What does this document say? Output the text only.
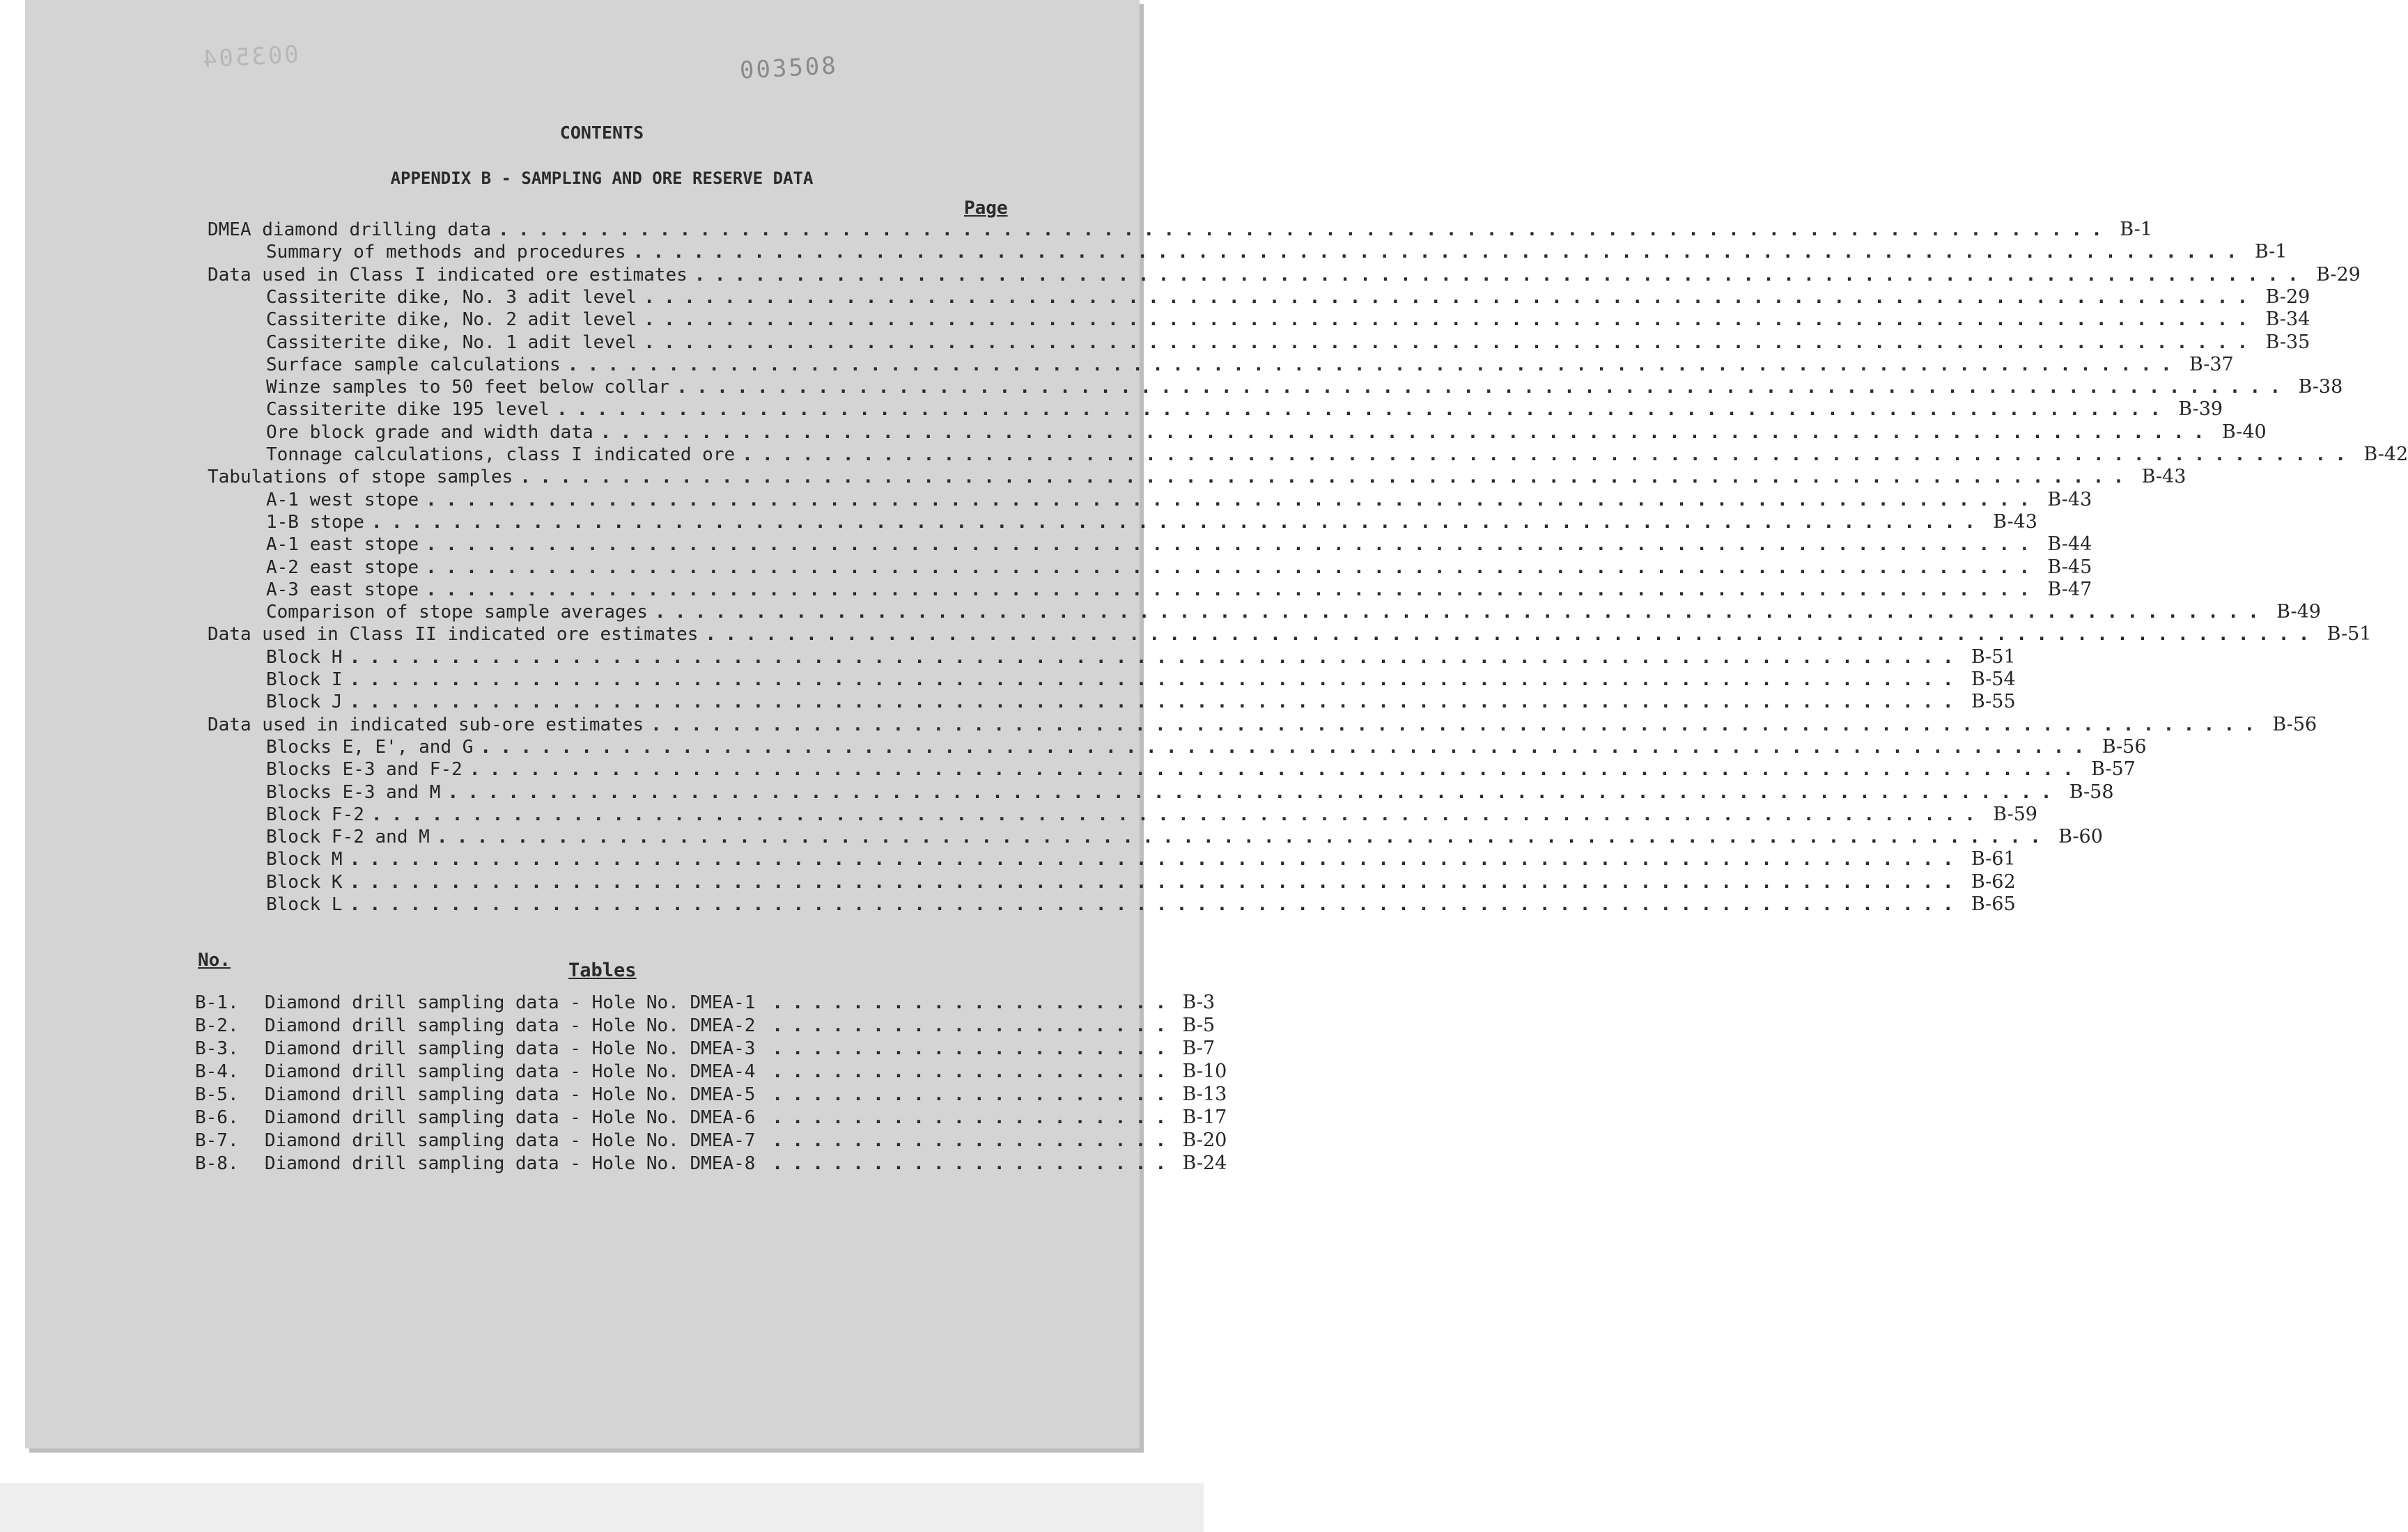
003504	003508
CONTENTS
APPENDIX B - SAMPLING AND ORE RESERVE DATA
Page
DMEA diamond drilling data ................................................................................ B-1
Summary of methods and procedures ................................................................................ B-1
Data used in Class I indicated ore estimates ................................................................................ B-29
Cassiterite dike, No. 3 adit level ................................................................................ B-29
Cassiterite dike, No. 2 adit level ................................................................................ B-34
Cassiterite dike, No. 1 adit level ................................................................................ B-35
Surface sample calculations ................................................................................ B-37
Winze samples to 50 feet below collar ................................................................................ B-38
Cassiterite dike 195 level ................................................................................ B-39
Ore block grade and width data ................................................................................ B-40
Tonnage calculations, class I indicated ore ................................................................................ B-42
Tabulations of stope samples ................................................................................ B-43
A-1 west stope ................................................................................ B-43
1-B stope ................................................................................ B-43
A-1 east stope ................................................................................ B-44
A-2 east stope ................................................................................ B-45
A-3 east stope ................................................................................ B-47
Comparison of stope sample averages ................................................................................ B-49
Data used in Class II indicated ore estimates ................................................................................ B-51
Block H ................................................................................ B-51
Block I ................................................................................ B-54
Block J ................................................................................ B-55
Data used in indicated sub-ore estimates ................................................................................ B-56
Blocks E, E', and G ................................................................................ B-56
Blocks E-3 and F-2 ................................................................................ B-57
Blocks E-3 and M ................................................................................ B-58
Block F-2 ................................................................................ B-59
Block F-2 and M ................................................................................ B-60
Block M ................................................................................ B-61
Block K ................................................................................ B-62
Block L ................................................................................ B-65
No.	Tables
B-1.	Diamond drill sampling data - Hole No. DMEA-1 .................... B-3
B-2.	Diamond drill sampling data - Hole No. DMEA-2 .................... B-5
B-3.	Diamond drill sampling data - Hole No. DMEA-3 .................... B-7
B-4.	Diamond drill sampling data - Hole No. DMEA-4 .................... B-10
B-5.	Diamond drill sampling data - Hole No. DMEA-5 .................... B-13
B-6.	Diamond drill sampling data - Hole No. DMEA-6 .................... B-17
B-7.	Diamond drill sampling data - Hole No. DMEA-7 .................... B-20
B-8.	Diamond drill sampling data - Hole No. DMEA-8 .................... B-24
